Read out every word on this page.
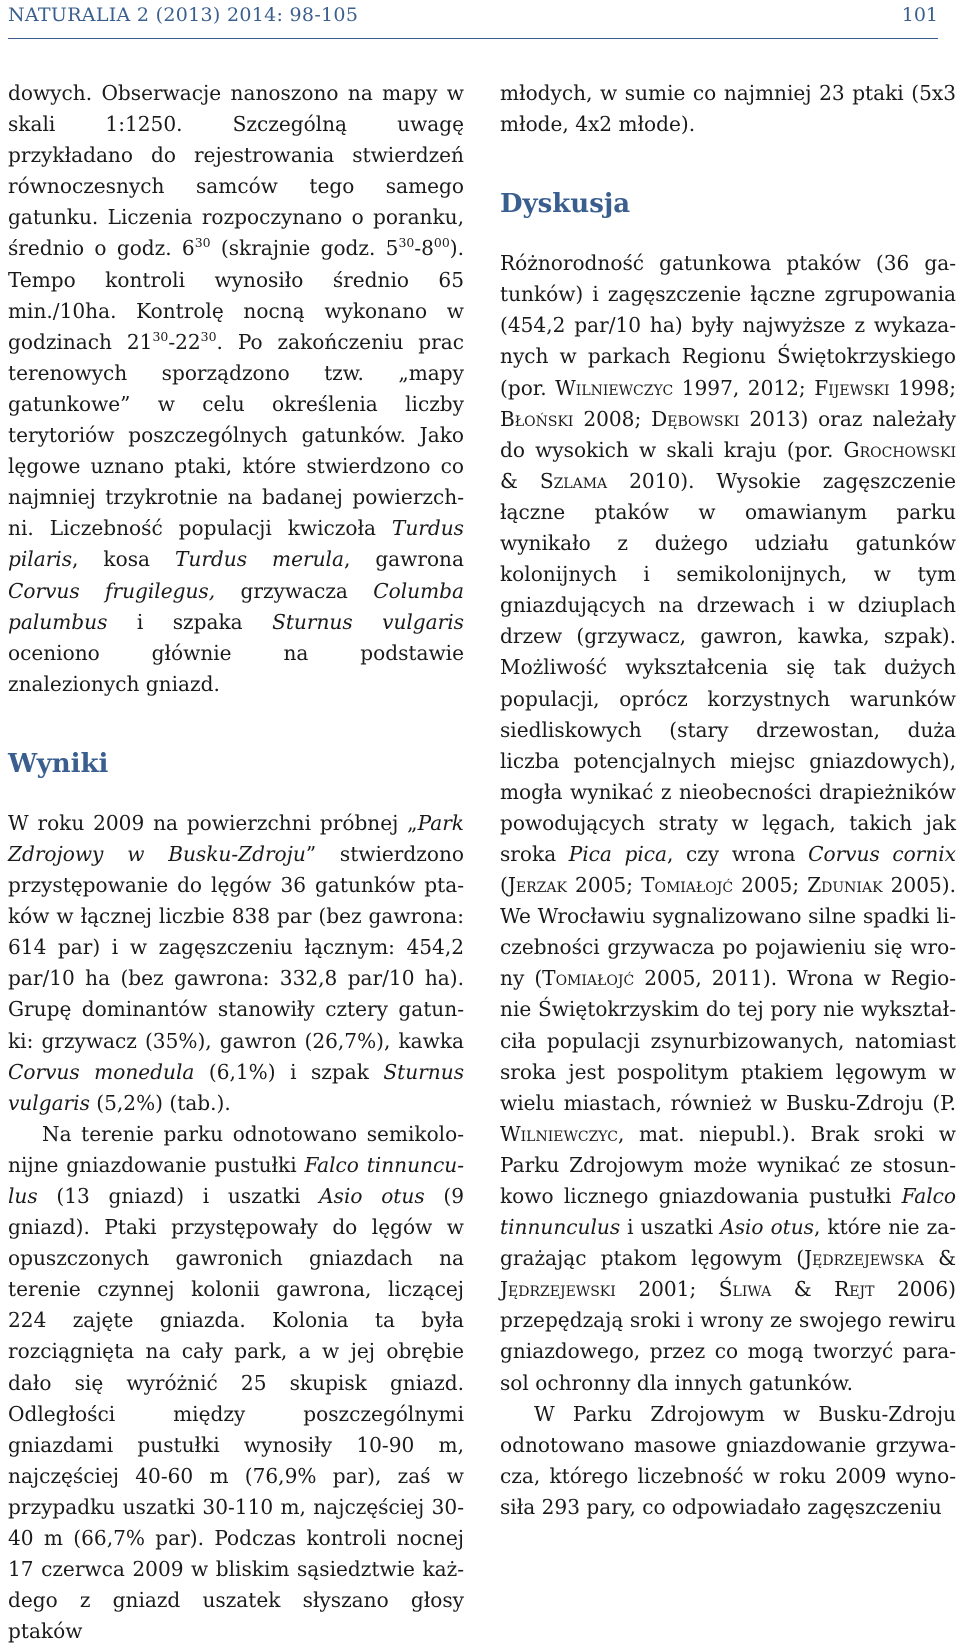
NATURALIA 2 (2013) 2014: 98-105	101

dowych. Obserwacje nanoszono na mapy w skali 1:1250. Szczególną uwagę przykładano do rejestrowania stwierdzeń równoczesnych samców tego samego gatunku. Liczenia rozpoczynano o poranku, średnio o godz. $6^{30}$ (skrajnie godz. $5^{30}-8^{00}$). Tempo kontroli wynosiło średnio 65 min./10ha. Kontrolę nocną wykonano w godzinach $21^{30}-22^{30}$. Po zakończeniu prac terenowych sporządzono tzw. „mapy gatunkowe” w celu określenia liczby terytoriów poszczególnych gatunków. Jako lęgowe uznano ptaki, które stwierdzono co najmniej trzykrotnie na badanej powierzchni. Liczebność populacji kwiczoła Turdus pilaris, kosa Turdus merula, gawrona Corvus frugilegus, grzywacza Columba palumbus i szpaka Sturnus vulgaris oceniono głównie na podstawie znalezionych gniazd.

Wyniki

W roku 2009 na powierzchni próbnej „Park Zdrojowy w Busku-Zdroju” stwierdzono przystępowanie do lęgów 36 gatunków ptaków w łącznej liczbie 838 par (bez gawrona: 614 par) i w zagęszczeniu łącznym: 454,2 par/10 ha (bez gawrona: 332,8 par/10 ha). Grupę dominantów stanowiły cztery gatunki: grzywacz (35%), gawron (26,7%), kawka Corvus monedula (6,1%) i szpak Sturnus vulgaris (5,2%) (tab.).

Na terenie parku odnotowano semikolonijne gniazdowanie pustułki Falco tinnunculus (13 gniazd) i uszatki Asio otus (9 gniazd). Ptaki przystępowały do lęgów w opuszczonych gawronich gniazdach na terenie czynnej kolonii gawrona, liczącej 224 zajęte gniazda. Kolonia ta była rozciągnięta na cały park, a w jej obrębie dało się wyróżnić 25 skupisk gniazd. Odległości między poszczególnymi gniazdami pustułki wynosiły 10-90 m, najczęściej 40-60 m (76,9% par), zaś w przypadku uszatki 30-110 m, najczęściej 30-40 m (66,7% par). Podczas kontroli nocnej 17 czerwca 2009 w bliskim sąsiedztwie każdego z gniazd uszatek słyszano głosy ptaków

młodych, w sumie co najmniej 23 ptaki (5x3 młode, 4x2 młode).

Dyskusja

Różnorodność gatunkowa ptaków (36 gatunków) i zagęszczenie łączne zgrupowania (454,2 par/10 ha) były najwyższe z wykazanych w parkach Regionu Świętokrzyskiego (por. Wilniewczyc 1997, 2012; Fijewski 1998; Błoński 2008; Dębowski 2013) oraz należały do wysokich w skali kraju (por. Grochowski & Szlama 2010). Wysokie zagęszczenie łączne ptaków w omawianym parku wynikało z dużego udziału gatunków kolonijnych i semikolonijnych, w tym gniazdujących na drzewach i w dziuplach drzew (grzywacz, gawron, kawka, szpak). Możliwość wykształcenia się tak dużych populacji, oprócz korzystnych warunków siedliskowych (stary drzewostan, duża liczba potencjalnych miejsc gniazdowych), mogła wynikać z nieobecności drapieżników powodujących straty w lęgach, takich jak sroka Pica pica, czy wrona Corvus cornix (Jerzak 2005; Tomiałojć 2005; Zduniak 2005). We Wrocławiu sygnalizowano silne spadki liczebności grzywacza po pojawieniu się wrony (Tomiałojć 2005, 2011). Wrona w Regionie Świętokrzyskim do tej pory nie wykształciła populacji zsynurbizowanych, natomiast sroka jest pospolitym ptakiem lęgowym w wielu miastach, również w Busku-Zdroju (P. Wilniewczyc, mat. niepubl.). Brak sroki w Parku Zdrojowym może wynikać ze stosunkowo licznego gniazdowania pustułki Falco tinnunculus i uszatki Asio otus, które nie zagrażając ptakom lęgowym (Jędrzejewska & Jędrzejewski 2001; Śliwa & Rejt 2006) przepędzają sroki i wrony ze swojego rewiru gniazdowego, przez co mogą tworzyć parasol ochronny dla innych gatunków.

W Parku Zdrojowym w Busku-Zdroju odnotowano masowe gniazdowanie grzywacza, którego liczebność w roku 2009 wynosiła 293 pary, co odpowiadało zagęszczeniu
